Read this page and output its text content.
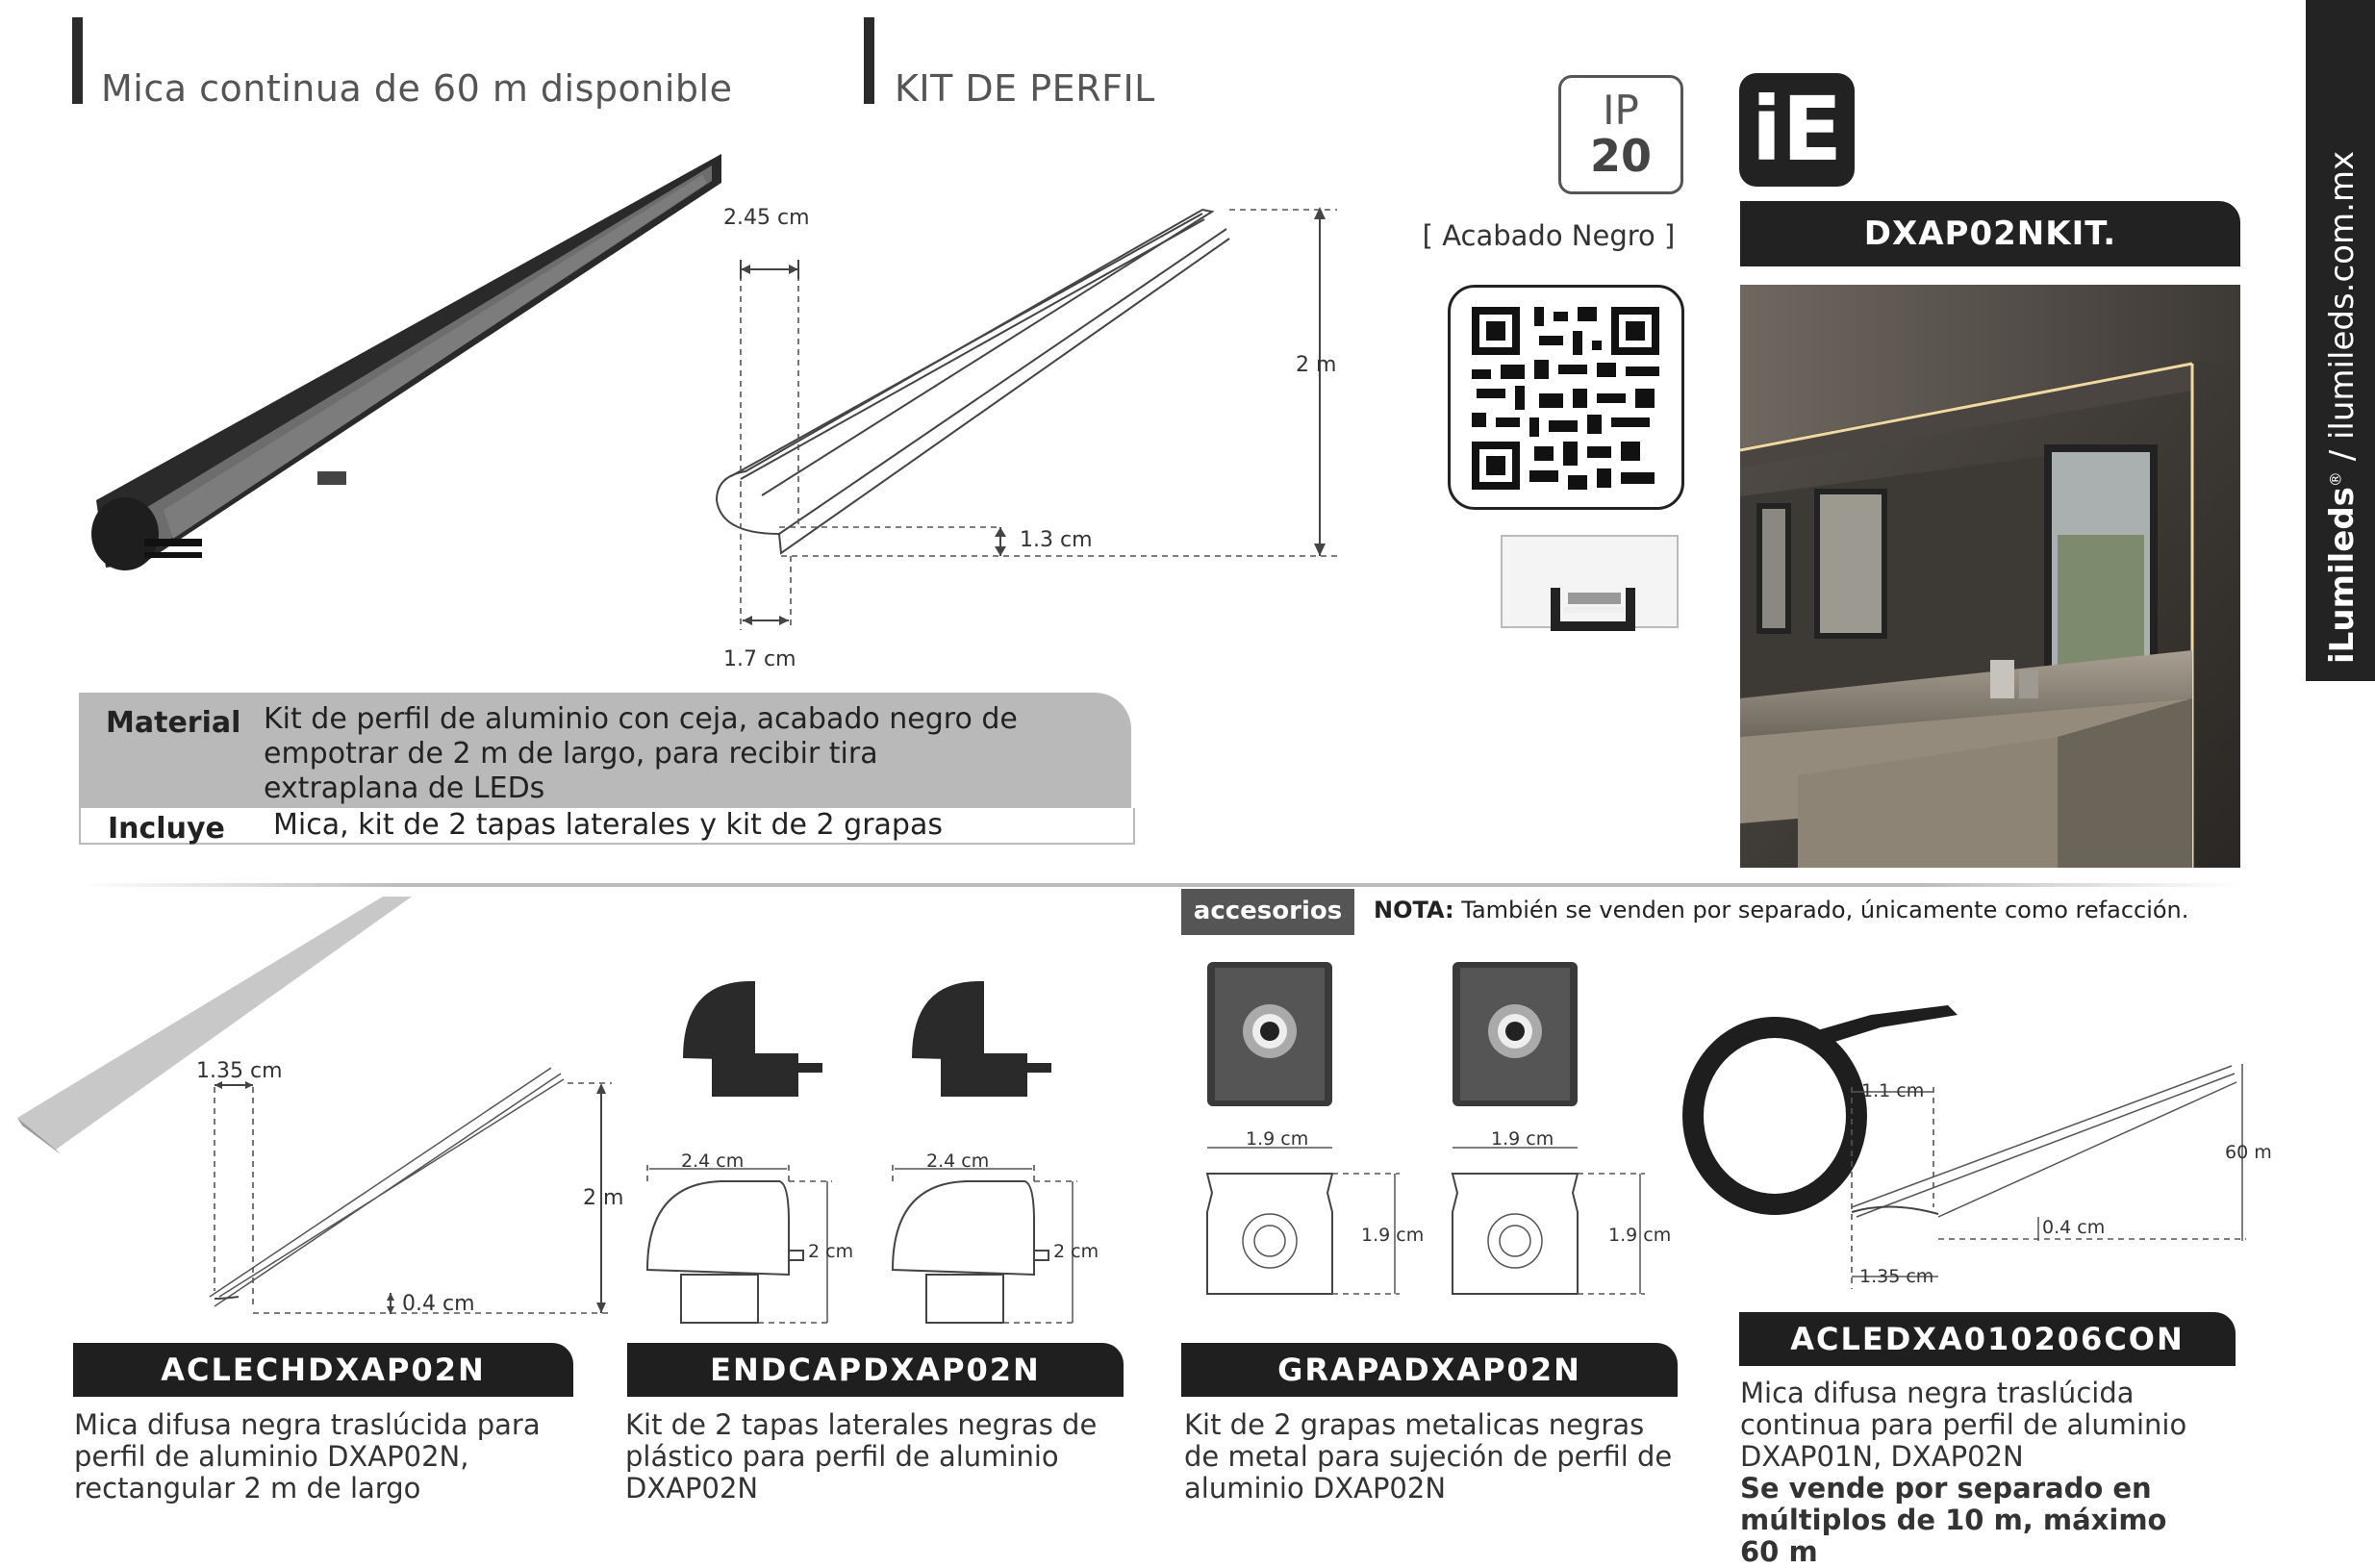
iLumileds® / ilumileds.com.mx
Mica continua de 60 m disponible	KIT DE PERFIL
2.45 cm
2 m
1.3 cm
1.7 cm
IP
20
[ Acabado Negro ]
iE
DXAP02NKIT.
Material Kit de perfil de aluminio con ceja, acabado negro de empotrar de 2 m de largo, para recibir tira extraplana de LEDs
Incluye Mica, kit de 2 tapas laterales y kit de 2 grapas
accesorios	NOTA: También se venden por separado, únicamente como refacción.
1.35 cm
2 m
0.4 cm
2.4 cm
2 cm
2.4 cm
2 cm
1.9 cm
1.9 cm
1.9 cm
1.9 cm
1.1 cm
60 m
0.4 cm
1.35 cm
ACLECHDXAP02N	ENDCAPDXAP02N	GRAPADXAP02N
ACLEDXA010206CON
Mica difusa negra traslúcida para perfil de aluminio DXAP02N, rectangular 2 m de largo
Kit de 2 tapas laterales negras de plástico para perfil de aluminio DXAP02N
Kit de 2 grapas metalicas negras de metal para sujeción de perfil de aluminio DXAP02N
Mica difusa negra traslúcida continua para perfil de aluminio DXAP01N, DXAP02N
Se vende por separado en múltiplos de 10 m, máximo 60 m
